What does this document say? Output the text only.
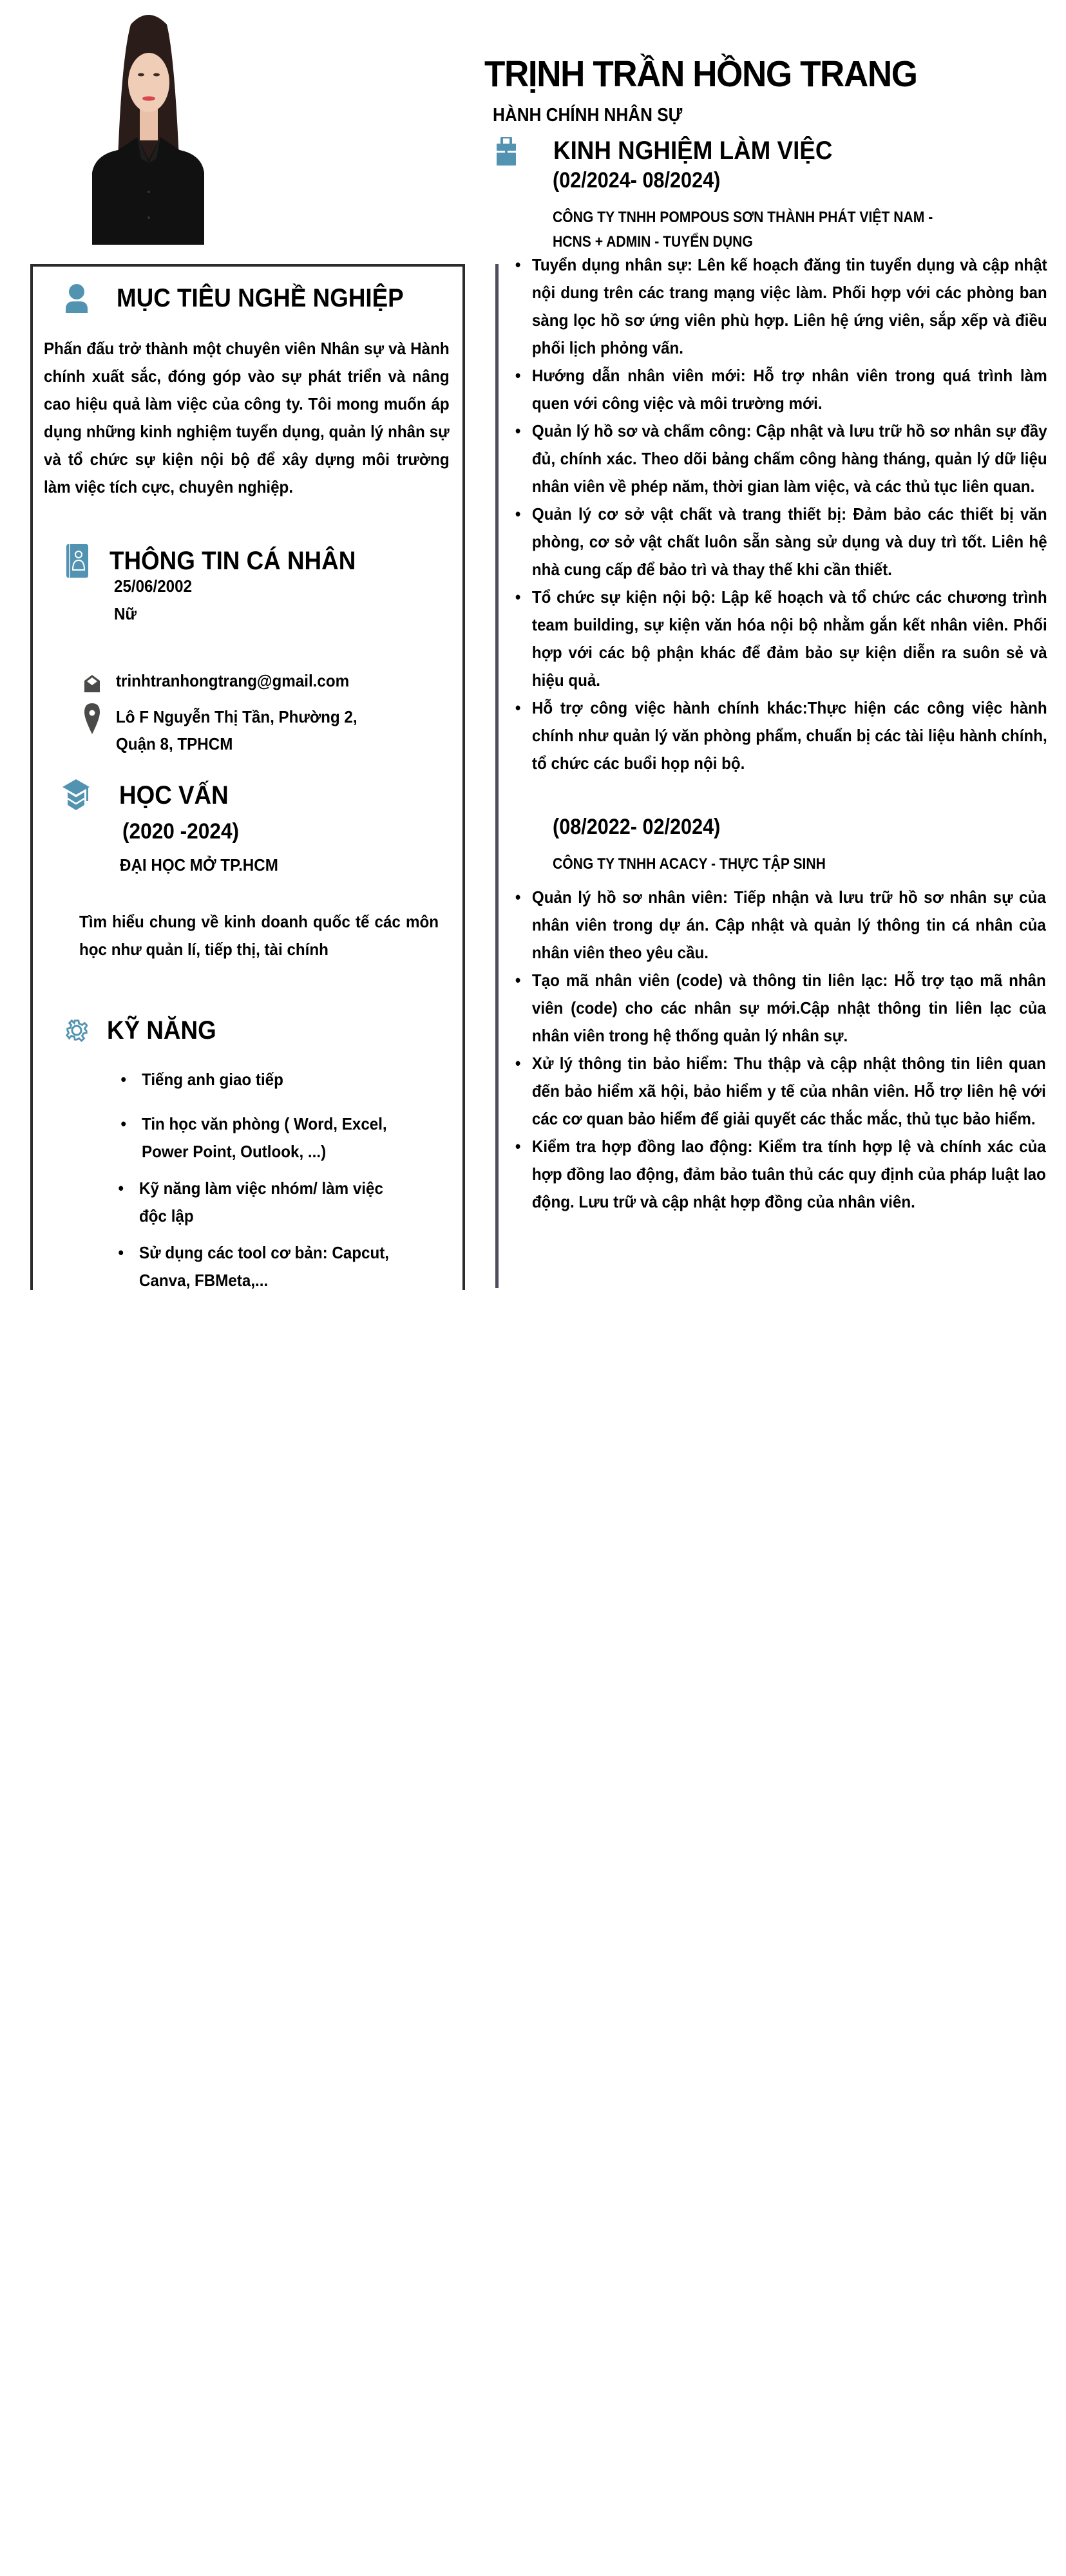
TRỊNH TRẦN HỒNG TRANG
HÀNH CHÍNH NHÂN SỰ
MỤC TIÊU NGHỀ NGHIỆP
Phấn đấu trở thành một chuyên viên Nhân sự và Hành chính xuất sắc, đóng góp vào sự phát triển và nâng cao hiệu quả làm việc của công ty. Tôi mong muốn áp dụng những kinh nghiệm tuyển dụng, quản lý nhân sự và tổ chức sự kiện nội bộ để xây dựng môi trường làm việc tích cực, chuyên nghiệp.
THÔNG TIN CÁ NHÂN
25/06/2002
Nữ
trinhtranhongtrang@gmail.com
Lô F Nguyễn Thị Tần, Phường 2,
Quận 8, TPHCM
HỌC VẤN
(2020 -2024)
ĐẠI HỌC MỞ TP.HCM
Tìm hiểu chung về kinh doanh quốc tế các môn học như quản lí, tiếp thị, tài chính
KỸ NĂNG
• Tiếng anh giao tiếp
• Tin học văn phòng ( Word, Excel,
Power Point, Outlook, ...)
• Kỹ năng làm việc nhóm/ làm việc
độc lập
• Sử dụng các tool cơ bản: Capcut,
Canva, FBMeta,...
KINH NGHIỆM LÀM VIỆC
(02/2024- 08/2024)
CÔNG TY TNHH POMPOUS SƠN THÀNH PHÁT VIỆT NAM -
HCNS + ADMIN - TUYỂN DỤNG
• Tuyển dụng nhân sự: Lên kế hoạch đăng tin tuyển dụng và cập nhật nội dung trên các trang mạng việc làm. Phối hợp với các phòng ban sàng lọc hồ sơ ứng viên phù hợp. Liên hệ ứng viên, sắp xếp và điều phối lịch phỏng vấn.
• Hướng dẫn nhân viên mới: Hỗ trợ nhân viên trong quá trình làm quen với công việc và môi trường mới.
• Quản lý hồ sơ và chấm công: Cập nhật và lưu trữ hồ sơ nhân sự đầy đủ, chính xác. Theo dõi bảng chấm công hàng tháng, quản lý dữ liệu nhân viên về phép năm, thời gian làm việc, và các thủ tục liên quan.
• Quản lý cơ sở vật chất và trang thiết bị: Đảm bảo các thiết bị văn phòng, cơ sở vật chất luôn sẵn sàng sử dụng và duy trì tốt. Liên hệ nhà cung cấp để bảo trì và thay thế khi cần thiết.
• Tổ chức sự kiện nội bộ: Lập kế hoạch và tổ chức các chương trình team building, sự kiện văn hóa nội bộ nhằm gắn kết nhân viên. Phối hợp với các bộ phận khác để đảm bảo sự kiện diễn ra suôn sẻ và hiệu quả.
• Hỗ trợ công việc hành chính khác:Thực hiện các công việc hành chính như quản lý văn phòng phẩm, chuẩn bị các tài liệu hành chính, tổ chức các buổi họp nội bộ.
(08/2022- 02/2024)
CÔNG TY TNHH ACACY - THỰC TẬP SINH
• Quản lý hồ sơ nhân viên: Tiếp nhận và lưu trữ hồ sơ nhân sự của nhân viên trong dự án. Cập nhật và quản lý thông tin cá nhân của nhân viên theo yêu cầu.
• Tạo mã nhân viên (code) và thông tin liên lạc: Hỗ trợ tạo mã nhân viên (code) cho các nhân sự mới.Cập nhật thông tin liên lạc của nhân viên trong hệ thống quản lý nhân sự.
• Xử lý thông tin bảo hiểm: Thu thập và cập nhật thông tin liên quan đến bảo hiểm xã hội, bảo hiểm y tế của nhân viên. Hỗ trợ liên hệ với các cơ quan bảo hiểm để giải quyết các thắc mắc, thủ tục bảo hiểm.
• Kiểm tra hợp đồng lao động: Kiểm tra tính hợp lệ và chính xác của hợp đồng lao động, đảm bảo tuân thủ các quy định của pháp luật lao động. Lưu trữ và cập nhật hợp đồng của nhân viên.
